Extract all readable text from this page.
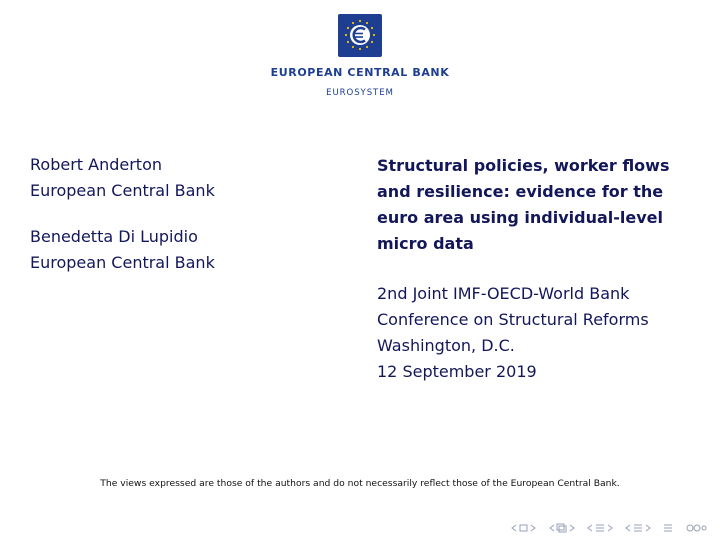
EUROPEAN CENTRAL BANK
EUROSYSTEM
Robert Anderton
European Central Bank
Benedetta Di Lupidio
European Central Bank
Structural policies, worker flows
and resilience: evidence for the
euro area using individual-level
micro data
2nd Joint IMF-OECD-World Bank
Conference on Structural Reforms
Washington, D.C.
12 September 2019
The views expressed are those of the authors and do not necessarily reflect those of the European Central Bank.
